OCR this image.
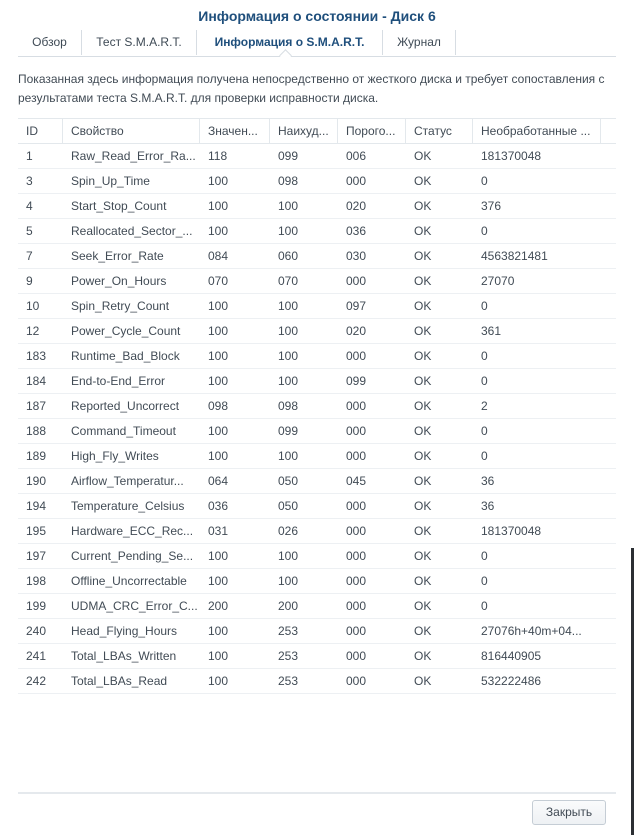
Информация о состоянии - Диск 6
Обзор	Тест S.M.A.R.T.	Информация о S.M.A.R.T.	Журнал
Показанная здесь информация получена непосредственно от жесткого диска и требует сопоставления с результатами теста S.M.A.R.T. для проверки исправности диска.
ID	Свойство	Значен...	Наихуд...	Порого...	Статус	Необработанные ...
1	Raw_Read_Error_Ra...	118	099	006	OK	181370048
3	Spin_Up_Time	100	098	000	OK	0
4	Start_Stop_Count	100	100	020	OK	376
5	Reallocated_Sector_...	100	100	036	OK	0
7	Seek_Error_Rate	084	060	030	OK	4563821481
9	Power_On_Hours	070	070	000	OK	27070
10	Spin_Retry_Count	100	100	097	OK	0
12	Power_Cycle_Count	100	100	020	OK	361
183	Runtime_Bad_Block	100	100	000	OK	0
184	End-to-End_Error	100	100	099	OK	0
187	Reported_Uncorrect	098	098	000	OK	2
188	Command_Timeout	100	099	000	OK	0
189	High_Fly_Writes	100	100	000	OK	0
190	Airflow_Temperatur...	064	050	045	OK	36
194	Temperature_Celsius	036	050	000	OK	36
195	Hardware_ECC_Rec...	031	026	000	OK	181370048
197	Current_Pending_Se...	100	100	000	OK	0
198	Offline_Uncorrectable	100	100	000	OK	0
199	UDMA_CRC_Error_C... 200	200	000	OK	0
240	Head_Flying_Hours	100	253	000	OK	27076h+40m+04...
241	Total_LBAs_Written	100	253	000	OK	816440905
242	Total_LBAs_Read	100	253	000	OK	532222486
Закрыть
